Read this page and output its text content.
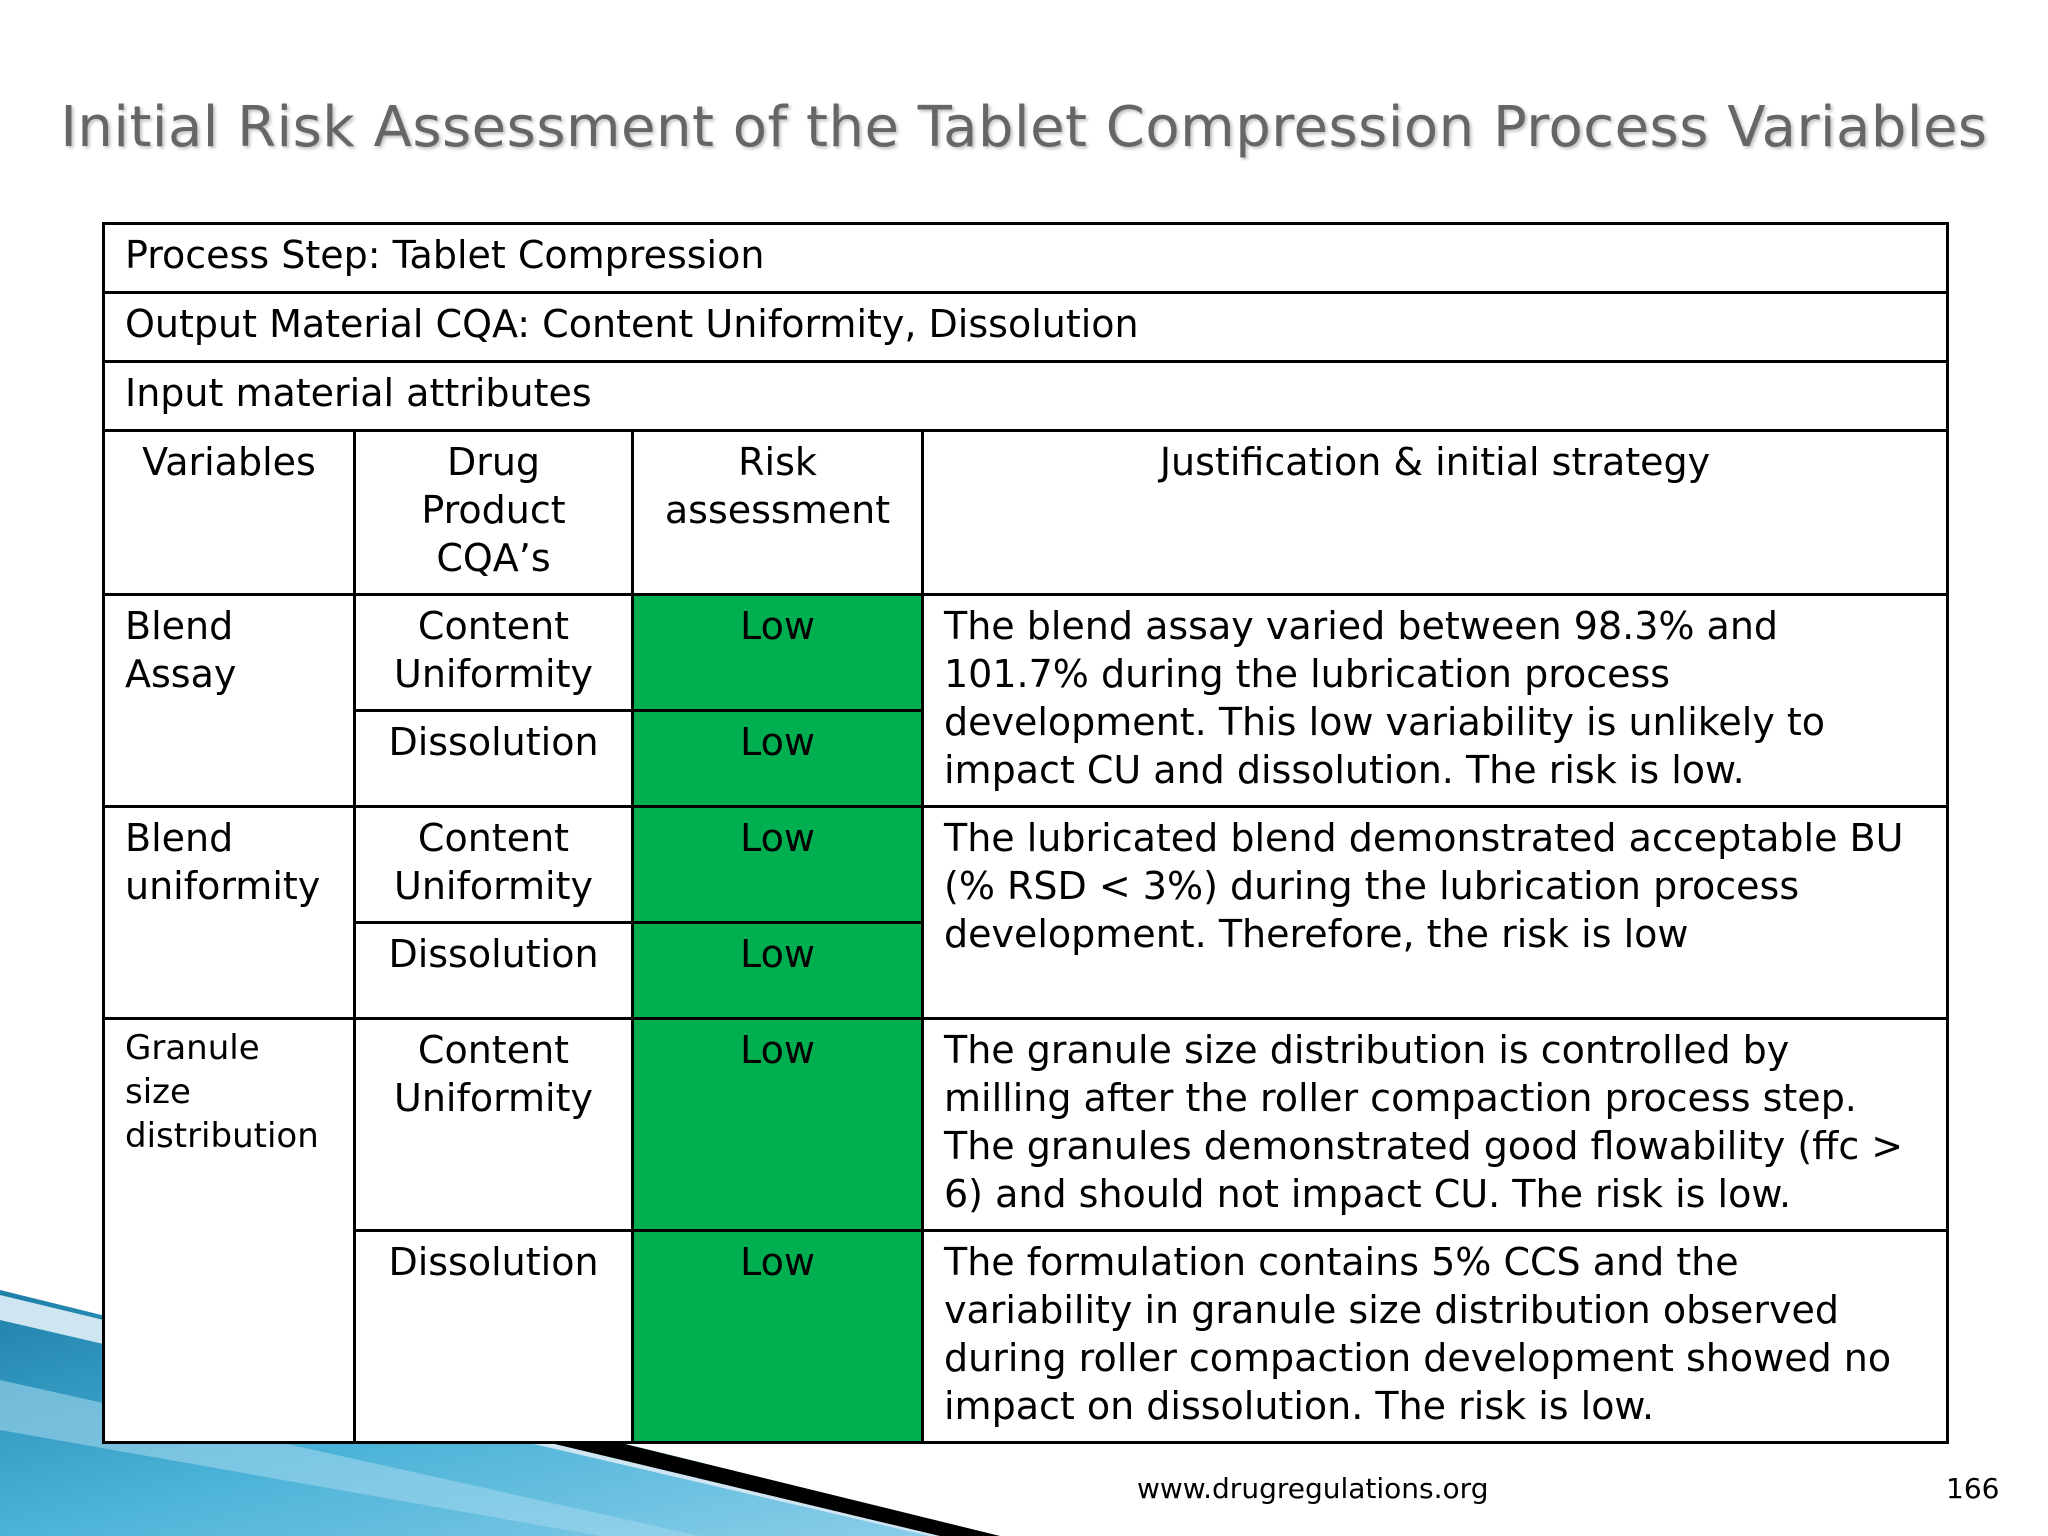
Initial Risk Assessment of the Tablet Compression Process Variables
Process Step: Tablet Compression			
Output Material CQA: Content Uniformity, Dissolution			
Input material attributes			
Variables	Drug Product CQA’s	Risk assessment	Justification & initial strategy
Blend Assay	Content Uniformity	Low	The blend assay varied between 98.3% and 101.7% during the lubrication process development. This low variability is unlikely to impact CU and dissolution. The risk is low.
	Dissolution	Low	
Blend uniformity	Content Uniformity	Low	The lubricated blend demonstrated acceptable BU (% RSD < 3%) during the lubrication process development. Therefore, the risk is low
	Dissolution	Low	
Granule size distribution	Content Uniformity	Low	The granule size distribution is controlled by milling after the roller compaction process step. The granules demonstrated good flowability (ffc > 6) and should not impact CU. The risk is low.
	Dissolution	Low	The formulation contains 5% CCS and the variability in granule size distribution observed during roller compaction development showed no impact on dissolution. The risk is low.
www.drugregulations.org	166
